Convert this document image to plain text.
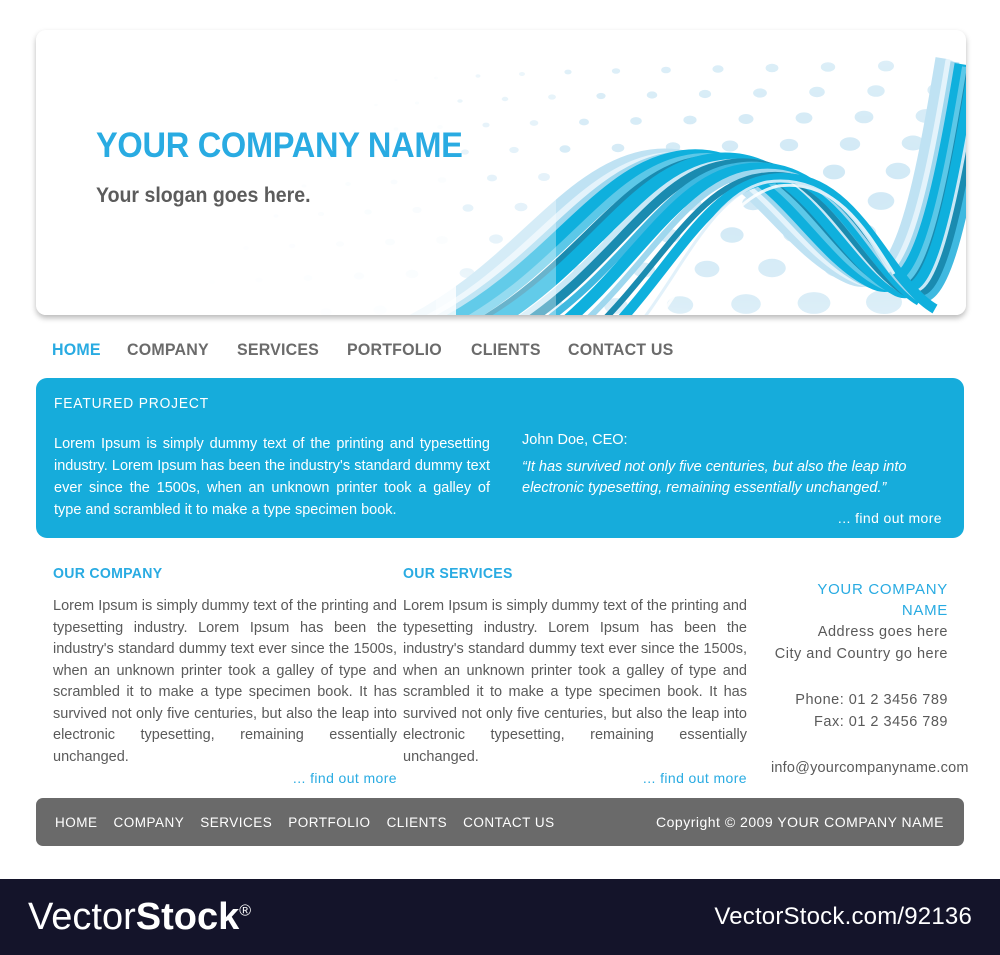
YOUR COMPANY NAME
Your slogan goes here.
HOME COMPANY SERVICES PORTFOLIO CLIENTS CONTACT US
FEATURED PROJECT

Lorem Ipsum is simply dummy text of the printing and typesetting industry. Lorem Ipsum has been the industry's standard dummy text ever since the 1500s, when an unknown printer took a galley of type and scrambled it to make a type specimen book.

John Doe, CEO:
“It has survived not only five centuries, but also the leap into electronic typesetting, remaining essentially unchanged.”
... find out more
OUR COMPANY

Lorem Ipsum is simply dummy text of the printing and typesetting industry. Lorem Ipsum has been the industry's standard dummy text ever since the 1500s, when an unknown printer took a galley of type and scrambled it to make a type specimen book. It has survived not only five centuries, but also the leap into electronic typesetting, remaining essentially unchanged.

... find out more
OUR SERVICES

Lorem Ipsum is simply dummy text of the printing and typesetting industry. Lorem Ipsum has been the industry's standard dummy text ever since the 1500s, when an unknown printer took a galley of type and scrambled it to make a type specimen book. It has survived not only five centuries, but also the leap into electronic typesetting, remaining essentially unchanged.

... find out more
YOUR COMPANY NAME
Address goes here
City and Country go here
Phone: 01 2 3456 789
Fax: 01 2 3456 789
info@yourcompanyname.com
HOME COMPANY SERVICES PORTFOLIO CLIENTS CONTACT US	Copyright © 2009 YOUR COMPANY NAME
VectorStock®	VectorStock.com/92136
